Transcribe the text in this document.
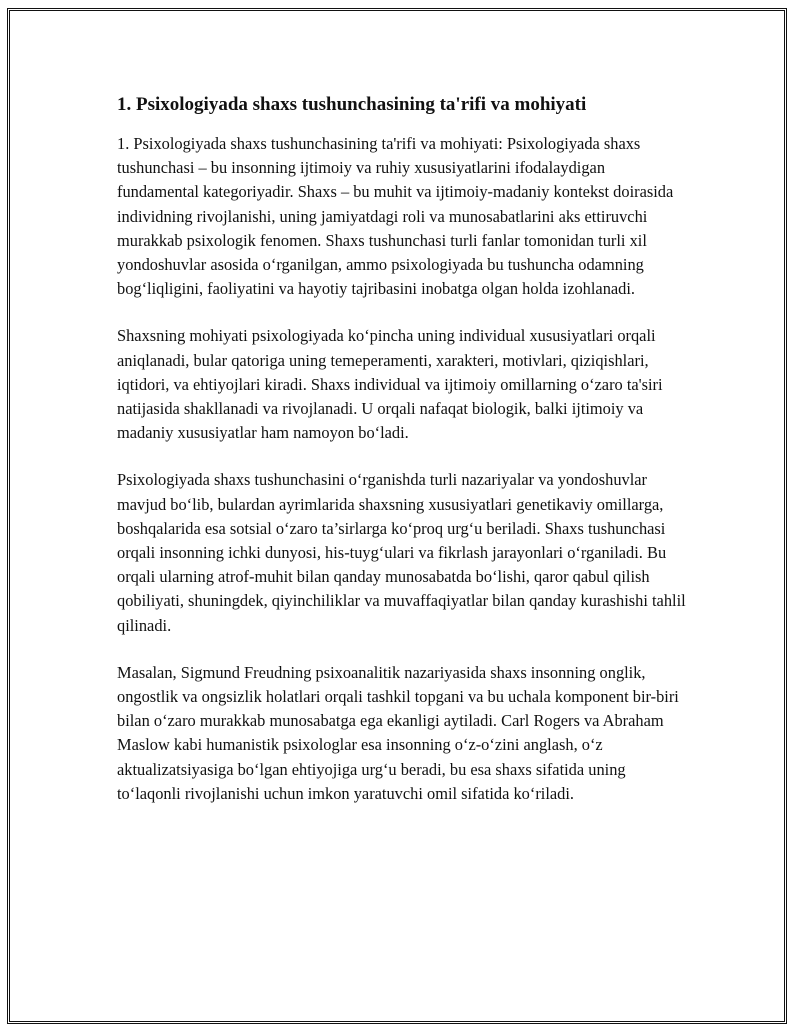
1. Psixologiyada shaxs tushunchasining ta'rifi va mohiyati

1. Psixologiyada shaxs tushunchasining ta'rifi va mohiyati: Psixologiyada shaxs tushunchasi – bu insonning ijtimoiy va ruhiy xususiyatlarini ifodalaydigan fundamental kategoriyadir. Shaxs – bu muhit va ijtimoiy-madaniy kontekst doirasida individning rivojlanishi, uning jamiyatdagi roli va munosabatlarini aks ettiruvchi murakkab psixologik fenomen. Shaxs tushunchasi turli fanlar tomonidan turli xil yondoshuvlar asosida o‘rganilgan, ammo psixologiyada bu tushuncha odamning bog‘liqligini, faoliyatini va hayotiy tajribasini inobatga olgan holda izohlanadi.

Shaxsning mohiyati psixologiyada ko‘pincha uning individual xususiyatlari orqali aniqlanadi, bular qatoriga uning temeperamenti, xarakteri, motivlari, qiziqishlari, iqtidori, va ehtiyojlari kiradi. Shaxs individual va ijtimoiy omillarning o‘zaro ta'siri natijasida shakllanadi va rivojlanadi. U orqali nafaqat biologik, balki ijtimoiy va madaniy xususiyatlar ham namoyon bo‘ladi.

Psixologiyada shaxs tushunchasini o‘rganishda turli nazariyalar va yondoshuvlar mavjud bo‘lib, bulardan ayrimlarida shaxsning xususiyatlari genetikaviy omillarga, boshqalarida esa sotsial o‘zaro ta’sirlarga ko‘proq urg‘u beriladi. Shaxs tushunchasi orqali insonning ichki dunyosi, his-tuyg‘ulari va fikrlash jarayonlari o‘rganiladi. Bu orqali ularning atrof-muhit bilan qanday munosabatda bo‘lishi, qaror qabul qilish qobiliyati, shuningdek, qiyinchiliklar va muvaffaqiyatlar bilan qanday kurashishi tahlil qilinadi.

Masalan, Sigmund Freudning psixoanalitik nazariyasida shaxs insonning onglik, ongostlik va ongsizlik holatlari orqali tashkil topgani va bu uchala komponent bir-biri bilan o‘zaro murakkab munosabatga ega ekanligi aytiladi. Carl Rogers va Abraham Maslow kabi humanistik psixologlar esa insonning o‘z-o‘zini anglash, o‘z aktualizatsiyasiga bo‘lgan ehtiyojiga urg‘u beradi, bu esa shaxs sifatida uning to‘laqonli rivojlanishi uchun imkon yaratuvchi omil sifatida ko‘riladi.
